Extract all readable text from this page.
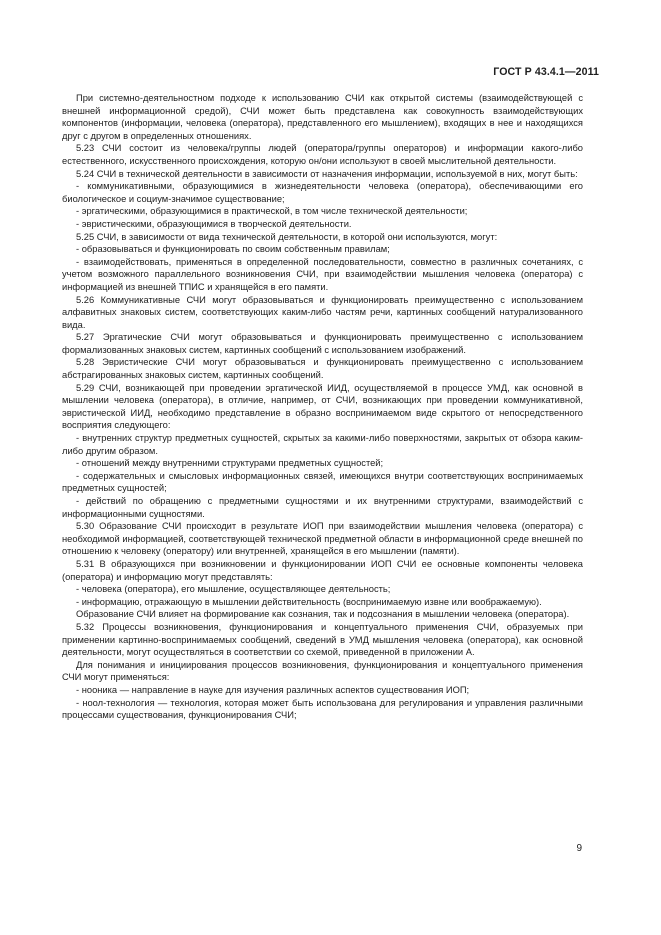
ГОСТ Р 43.4.1—2011

При системно-деятельностном подходе к использованию СЧИ как открытой системы (взаимодействующей с внешней информационной средой), СЧИ может быть представлена как совокупность взаимодействующих компонентов (информации, человека (оператора), представленного его мышлением), входящих в нее и находящихся друг с другом в определенных отношениях.

5.23 СЧИ состоит из человека/группы людей (оператора/группы операторов) и информации какого-либо естественного, искусственного происхождения, которую он/они используют в своей мыслительной деятельности.

5.24 СЧИ в технической деятельности в зависимости от назначения информации, используемой в них, могут быть:

- коммуникативными, образующимися в жизнедеятельности человека (оператора), обеспечивающими его биологическое и социум-значимое существование;

- эргатическими, образующимися в практической, в том числе технической деятельности;

- эвристическими, образующимися в творческой деятельности.

5.25 СЧИ, в зависимости от вида технической деятельности, в которой они используются, могут:

- образовываться и функционировать по своим собственным правилам;

- взаимодействовать, применяться в определенной последовательности, совместно в различных сочетаниях, с учетом возможного параллельного возникновения СЧИ, при взаимодействии мышления человека (оператора) с информацией из внешней ТПИС и хранящейся в его памяти.

5.26 Коммуникативные СЧИ могут образовываться и функционировать преимущественно с использованием алфавитных знаковых систем, соответствующих каким-либо частям речи, картинных сообщений натурализованного вида.

5.27 Эргатические СЧИ могут образовываться и функционировать преимущественно с использованием формализованных знаковых систем, картинных сообщений с использованием изображений.

5.28 Эвристические СЧИ могут образовываться и функционировать преимущественно с использованием абстрагированных знаковых систем, картинных сообщений.

5.29 СЧИ, возникающей при проведении эргатической ИИД, осуществляемой в процессе УМД, как основной в мышлении человека (оператора), в отличие, например, от СЧИ, возникающих при проведении коммуникативной, эвристической ИИД, необходимо представление в образно воспринимаемом виде скрытого от непосредственного восприятия следующего:

- внутренних структур предметных сущностей, скрытых за какими-либо поверхностями, закрытых от обзора каким-либо другим образом.

- отношений между внутренними структурами предметных сущностей;

- содержательных и смысловых информационных связей, имеющихся внутри соответствующих воспринимаемых предметных сущностей;

- действий по обращению с предметными сущностями и их внутренними структурами, взаимодействий с информационными сущностями.

5.30 Образование СЧИ происходит в результате ИОП при взаимодействии мышления человека (оператора) с необходимой информацией, соответствующей технической предметной области в информационной среде внешней по отношению к человеку (оператору) или внутренней, хранящейся в его мышлении (памяти).

5.31 В образующихся при возникновении и функционировании ИОП СЧИ ее основные компоненты человека (оператора) и информацию могут представлять:

- человека (оператора), его мышление, осуществляющее деятельность;

- информацию, отражающую в мышлении действительность (воспринимаемую извне или воображаемую).

Образование СЧИ влияет на формирование как сознания, так и подсознания в мышлении человека (оператора).

5.32 Процессы возникновения, функционирования и концептуального применения СЧИ, образуемых при применении картинно-воспринимаемых сообщений, сведений в УМД мышления человека (оператора), как основной деятельности, могут осуществляться в соответствии со схемой, приведенной в приложении А.

Для понимания и инициирования процессов возникновения, функционирования и концептуального применения СЧИ могут применяться:

- нооника — направление в науке для изучения различных аспектов существования ИОП;

- ноол-технология — технология, которая может быть использована для регулирования и управления различными процессами существования, функционирования СЧИ;

9
